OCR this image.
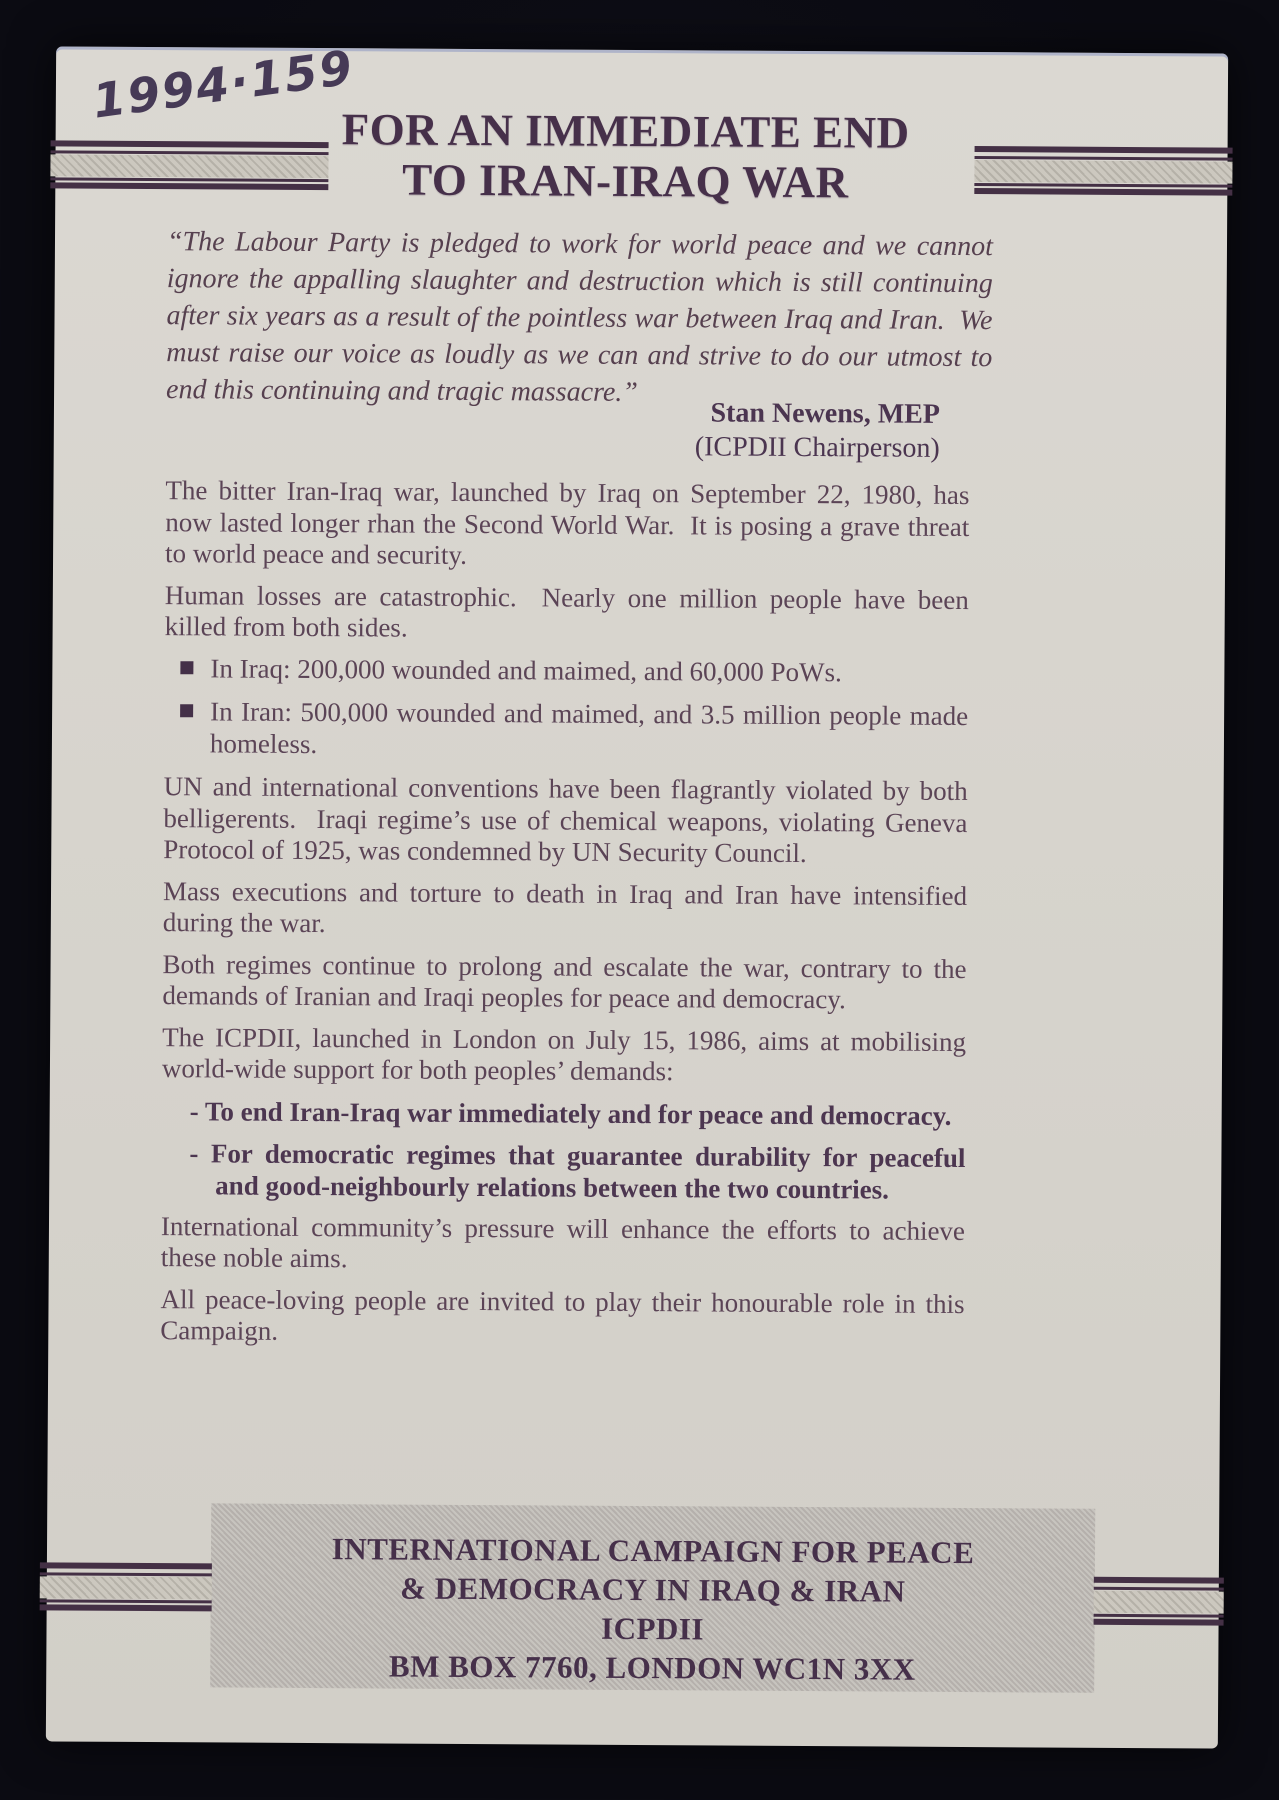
1994·159
FOR AN IMMEDIATE END
TO IRAN-IRAQ WAR
“The Labour Party is pledged to work for world peace and we cannot ignore the appalling slaughter and destruction which is still continuing after six years as a result of the pointless war between Iraq and Iran.  We must raise our voice as loudly as we can and strive to do our utmost to end this continuing and tragic massacre.”
Stan Newens, MEP
(ICPDII Chairperson)

The bitter Iran-Iraq war, launched by Iraq on September 22, 1980, has now lasted longer rhan the Second World War.  It is posing a grave threat to world peace and security.

Human losses are catastrophic.  Nearly one million people have been killed from both sides.

In Iraq: 200,000 wounded and maimed, and 60,000 PoWs.
In Iran: 500,000 wounded and maimed, and 3.5 million people made homeless.

UN and international conventions have been flagrantly violated by both belligerents.  Iraqi regime’s use of chemical weapons, violating Geneva Protocol of 1925, was condemned by UN Security Council.

Mass executions and torture to death in Iraq and Iran have intensified during the war.

Both regimes continue to prolong and escalate the war, contrary to the demands of Iranian and Iraqi peoples for peace and democracy.

The ICPDII, launched in London on July 15, 1986, aims at mobilising world-wide support for both peoples’ demands:

- To end Iran-Iraq war immediately and for peace and democracy.

- For democratic regimes that guarantee durability for peaceful and good-neighbourly relations between the two countries.

International community’s pressure will enhance the efforts to achieve these noble aims.

All peace-loving people are invited to play their honourable role in this Campaign.

INTERNATIONAL CAMPAIGN FOR PEACE
& DEMOCRACY IN IRAQ & IRAN
ICPDII
BM BOX 7760, LONDON WC1N 3XX
